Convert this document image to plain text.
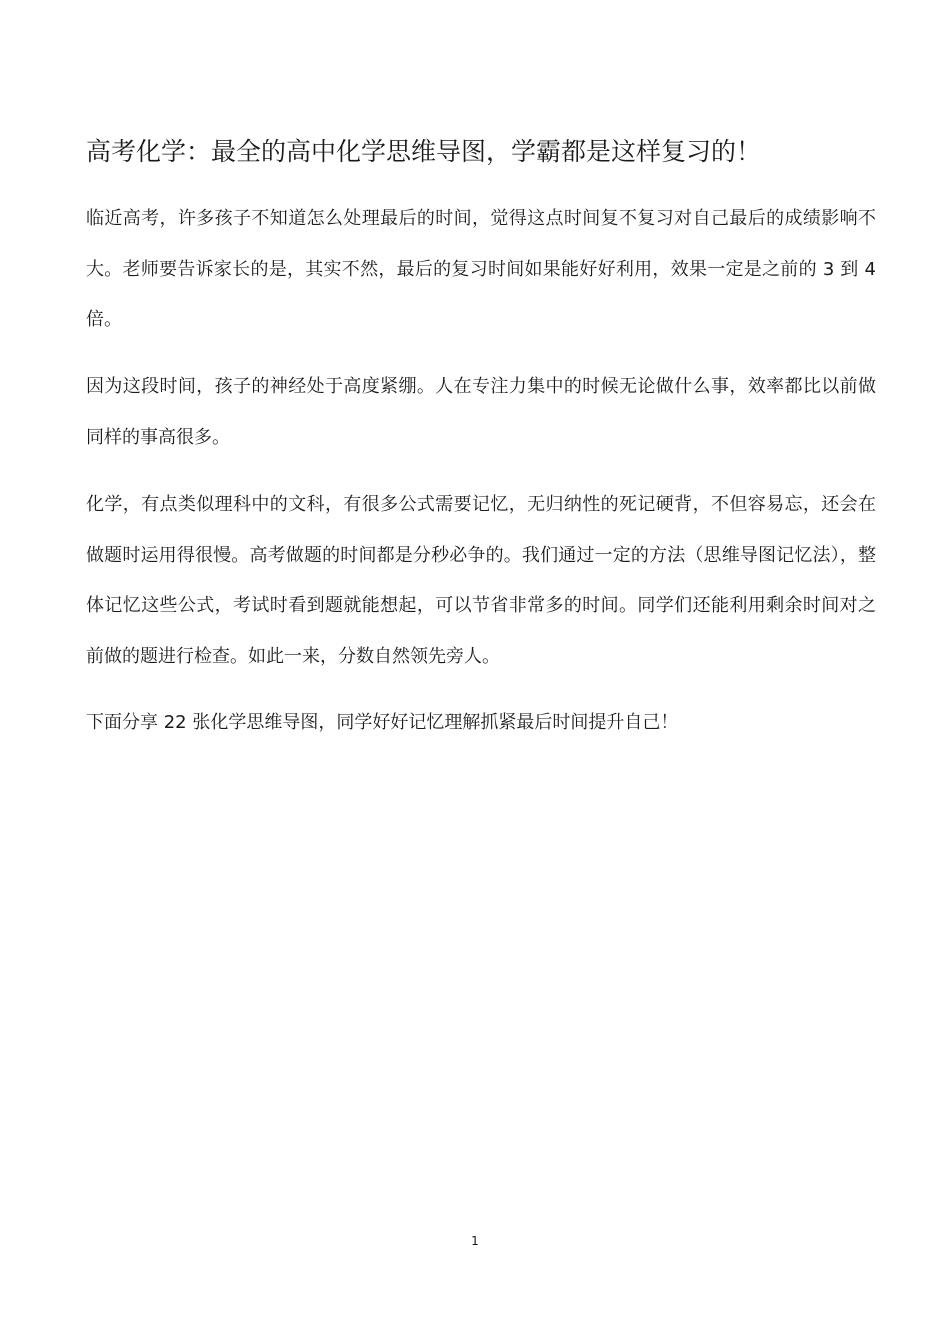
高考化学：最全的高中化学思维导图，学霸都是这样复习的！

临近高考，许多孩子不知道怎么处理最后的时间，觉得这点时间复不复习对自己最后的成绩影响不大。老师要告诉家长的是，其实不然，最后的复习时间如果能好好利用，效果一定是之前的 3 到 4 倍。

因为这段时间，孩子的神经处于高度紧绷。人在专注力集中的时候无论做什么事，效率都比以前做同样的事高很多。

化学，有点类似理科中的文科，有很多公式需要记忆，无归纳性的死记硬背，不但容易忘，还会在做题时运用得很慢。高考做题的时间都是分秒必争的。我们通过一定的方法（思维导图记忆法），整体记忆这些公式，考试时看到题就能想起，可以节省非常多的时间。同学们还能利用剩余时间对之前做的题进行检查。如此一来，分数自然领先旁人。

下面分享 22 张化学思维导图，同学好好记忆理解抓紧最后时间提升自己！

1
